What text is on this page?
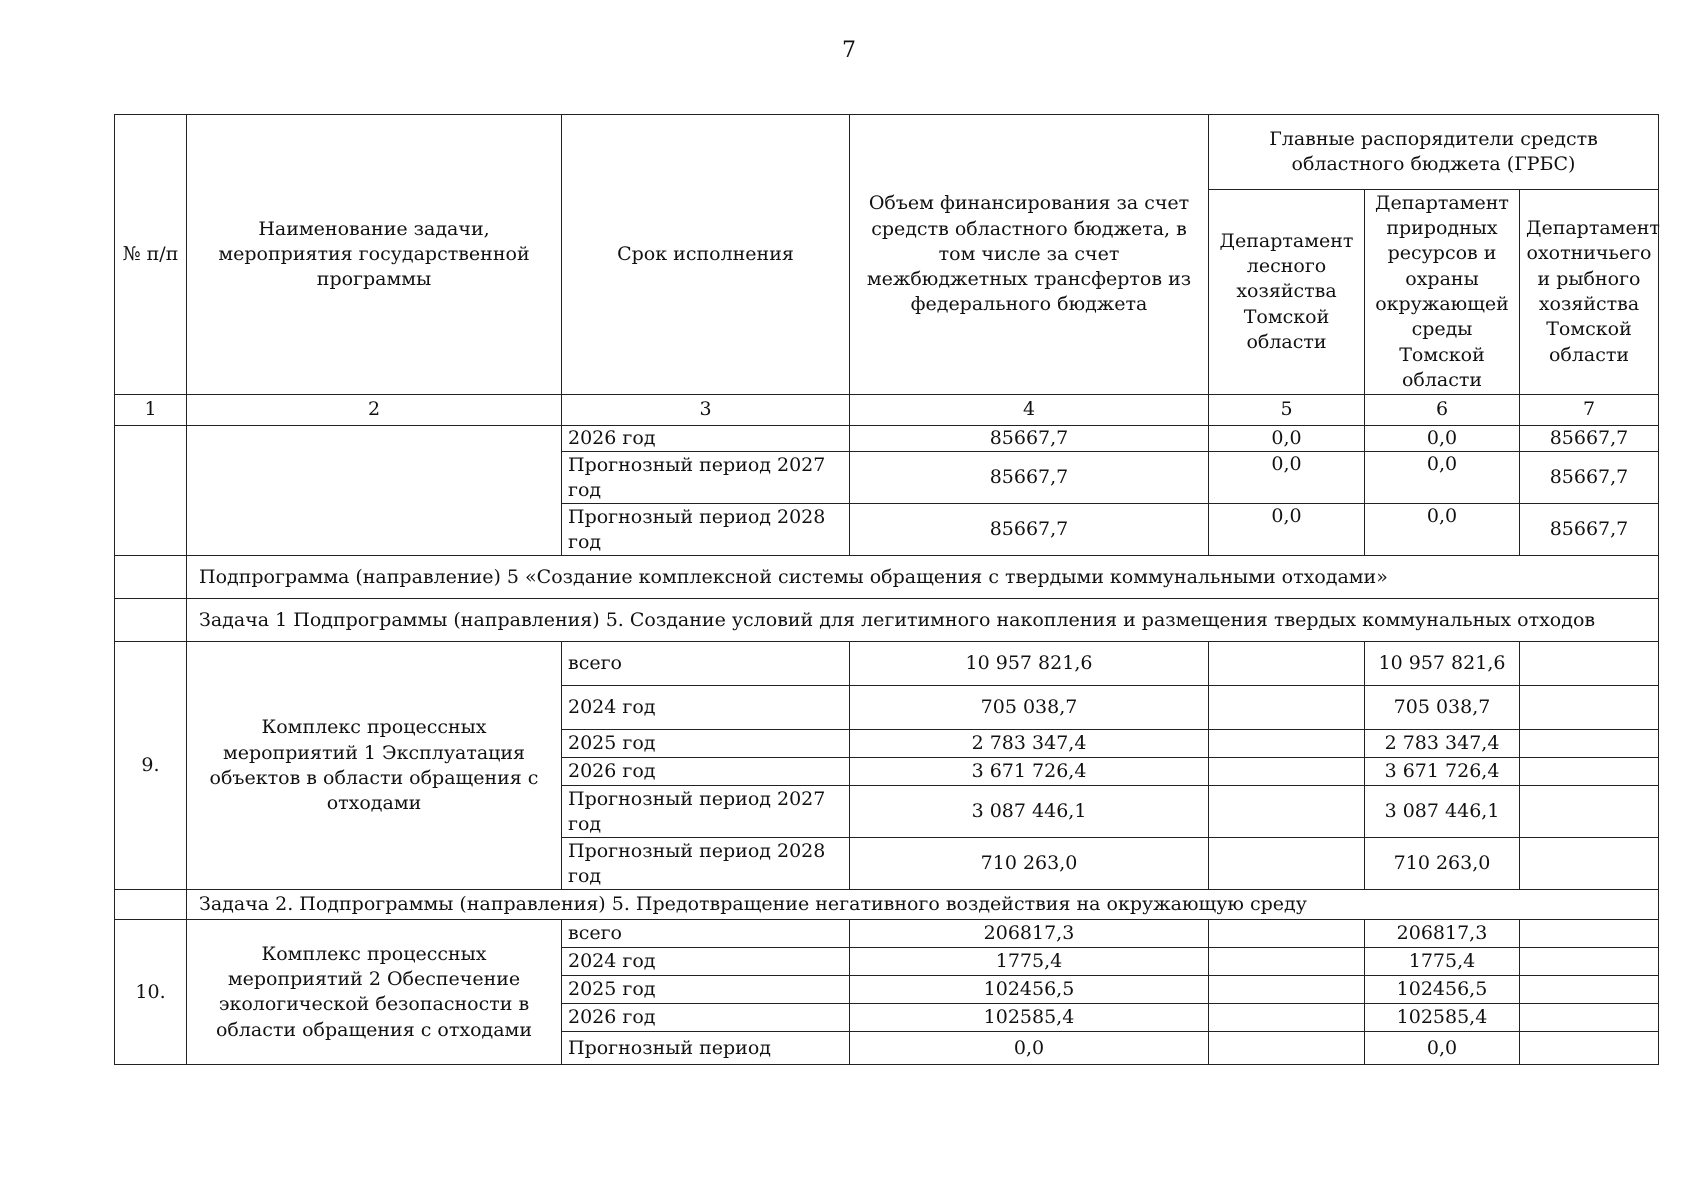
7
№ п/п	Наименование задачи, мероприятия государственной программы	Срок исполнения	Объем финансирования за счет средств областного бюджета, в том числе за счет межбюджетных трансфертов из федерального бюджета	Главные распорядители средств областного бюджета (ГРБС)		
				Департамент лесного хозяйства Томской области	Департамент природных ресурсов и охраны окружающей среды Томской области	Департамент охотничьего и рыбного хозяйства Томской области
1	2	3	4	5	6	7
		2026 год	85667,7	0,0	0,0	85667,7
		Прогнозный период 2027 год	85667,7	0,0	0,0	85667,7
		Прогнозный период 2028 год	85667,7	0,0	0,0	85667,7
	Подпрограмма (направление) 5 «Создание комплексной системы обращения с твердыми коммунальными отходами»					
	Задача 1 Подпрограммы (направления) 5. Создание условий для легитимного накопления и размещения твердых коммунальных отходов					
9.	Комплекс процессных мероприятий 1 Эксплуатация объектов в области обращения с отходами	всего	10 957 821,6		10 957 821,6	
		2024 год	705 038,7		705 038,7	
		2025 год	2 783 347,4		2 783 347,4	
		2026 год	3 671 726,4		3 671 726,4	
		Прогнозный период 2027 год	3 087 446,1		3 087 446,1	
		Прогнозный период 2028 год	710 263,0		710 263,0	
	Задача 2. Подпрограммы (направления) 5. Предотвращение негативного воздействия на окружающую среду					
10.	Комплекс процессных мероприятий 2 Обеспечение экологической безопасности в области обращения с отходами	всего	206817,3		206817,3	
		2024 год	1775,4		1775,4	
		2025 год	102456,5		102456,5	
		2026 год	102585,4		102585,4	
		Прогнозный период	0,0		0,0	
